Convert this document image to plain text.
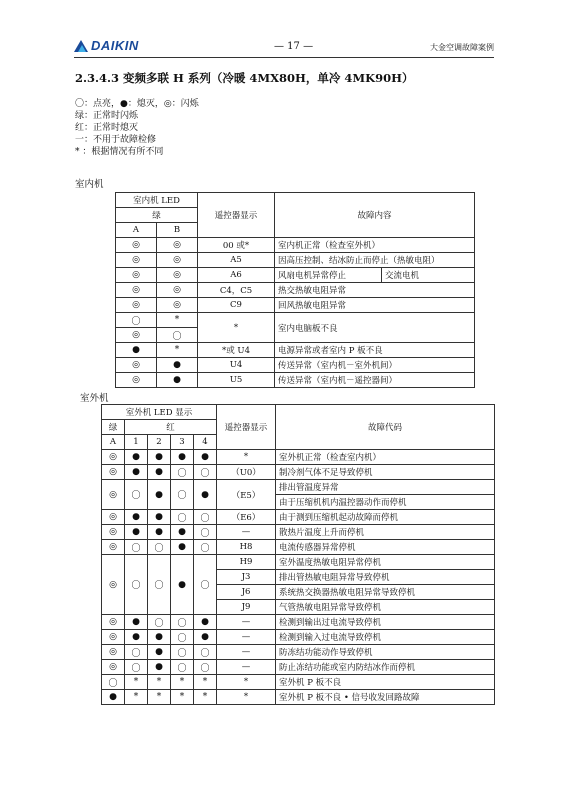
DAIKIN	— 17 —	大金空调故障案例
2.3.4.3 变频多联 H 系列（冷暖 4MX80H，单冷 4MK90H）
〇：点亮，●：熄灭，◎：闪烁
绿：正常时闪烁
红：正常时熄灭
一：不用于故障检修
* ：根据情况有所不同
室内机
室内机 LED		遥控器显示	故障内容	
绿				
A	B			
◎	◎	00 或*	室内机正常（检查室外机）	
◎	◎	A5	因高压控制、结冰防止而停止（热敏电阻）	
◎	◎	A6	风扇电机异常停止	交流电机
◎	◎	C4，C5	热交热敏电阻异常	
◎	◎	C9	回风热敏电阻异常	
〇	*	*	室内电脑板不良	
◎	〇			
●	*	*或 U4	电源异常或者室内 P 板不良	
◎	●	U4	传送异常（室内机－室外机间）	
◎	●	U5	传送异常（室内机－遥控器间）	
室外机
室外机 LED 显示					遥控器显示	故障代码
绿	红					
A	1	2	3	4		
◎	●	●	●	●	*	室外机正常（检查室内机）
◎	●	●	〇	〇	（U0）	制冷剂气体不足导致停机
◎	〇	●	〇	●	（E5）	排出管温度异常
						由于压缩机机内温控器动作而停机
◎	●	●	〇	〇	（E6）	由于测到压缩机起动故障而停机
◎	●	●	●	〇	—	散热片温度上升而停机
◎	〇	〇	●	〇	H8	电流传感器异常停机
◎	〇	〇	●	〇	H9	室外温度热敏电阻异常停机
					J3	排出管热敏电阻异常导致停机
					J6	系统热交换器热敏电阻异常导致停机
					J9	气管热敏电阻异常导致停机
◎	●	〇	〇	●	—	检测到输出过电流导致停机
◎	●	●	〇	●	—	检测到输入过电流导致停机
◎	〇	●	〇	〇	—	防冻结功能动作导致停机
◎	〇	●	〇	〇	—	防止冻结功能或室内防结冰作而停机
〇	*	*	*	*	*	室外机 P 板不良
●	*	*	*	*	*	室外机 P 板不良 • 信号收发回路故障
